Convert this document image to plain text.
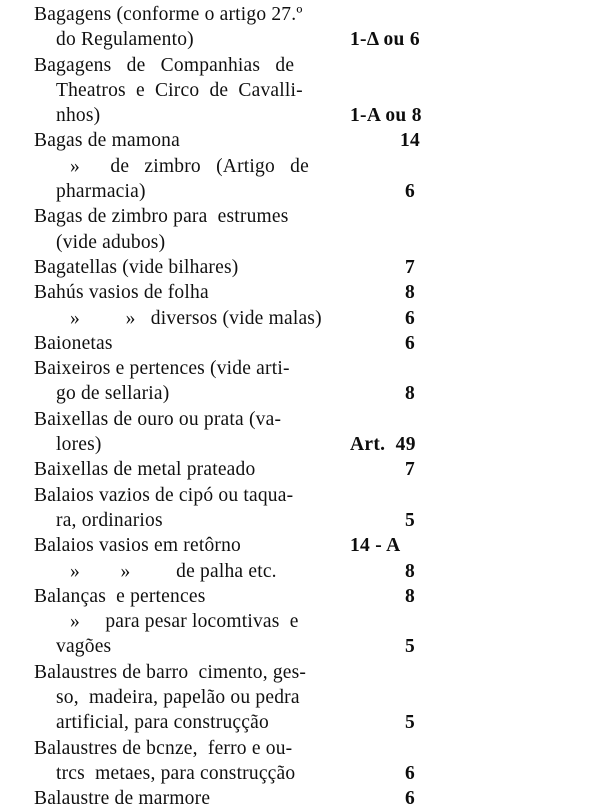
Bagagens (conforme o artigo 27.º
do Regulamento)	1-Δ ou 6
Bagagens   de   Companhias   de
Theatros  e  Circo  de  Cavalli-
nhos)	1-A ou 8
Bagas de mamona	14
»      de   zimbro   (Artigo   de
pharmacia)	6
Bagas de zimbro para  estrumes
(vide adubos)
Bagatellas (vide bilhares)	7
Bahús vasios de folha	8
»         »   diversos (vide malas)	6
Baionetas	6
Baixeiros e pertences (vide arti-
go de sellaria)	8
Baixellas de ouro ou prata (va-
lores)	Art.  49
Baixellas de metal prateado	7
Balaios vazios de cipó ou taqua-
ra, ordinarios	5
Balaios vasios em retôrno	14 - A
»        »         de palha etc.	8
Balanças  e pertences	8
»     para pesar locomtivas  e
vagões	5
Balaustres de barro  cimento, ges-
so,  madeira, papelão ou pedra
artificial, para construçção	5
Balaustres de bcnze,  ferro e ou-
trcs  metaes, para construçção	6
Balaustre de marmore	6
